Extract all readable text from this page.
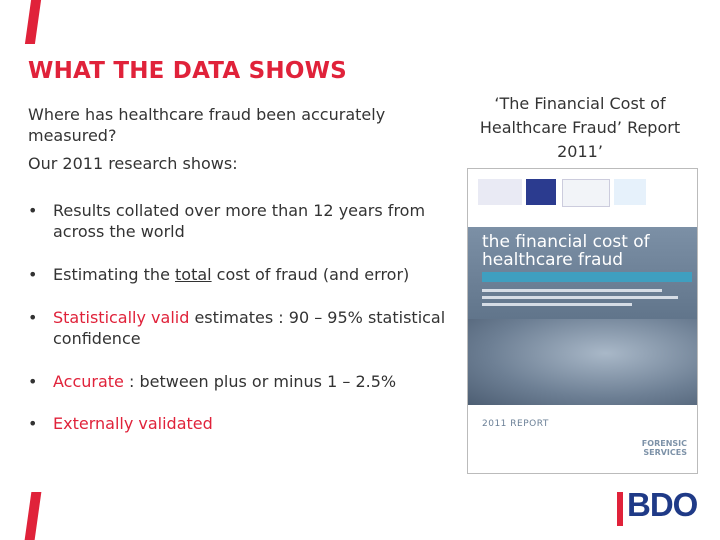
WHAT THE DATA SHOWS
Where has healthcare fraud been accurately measured?
Our 2011 research shows:
• Results collated over more than 12 years from across the world
• Estimating the total cost of fraud (and error)
• Statistically valid estimates : 90 – 95% statistical confidence
• Accurate : between plus or minus 1 – 2.5%
• Externally validated
‘The Financial Cost of Healthcare Fraud’ Report 2011’
the financial cost of
healthcare fraud
2011 REPORT
FORENSIC
SERVICES
BDO
